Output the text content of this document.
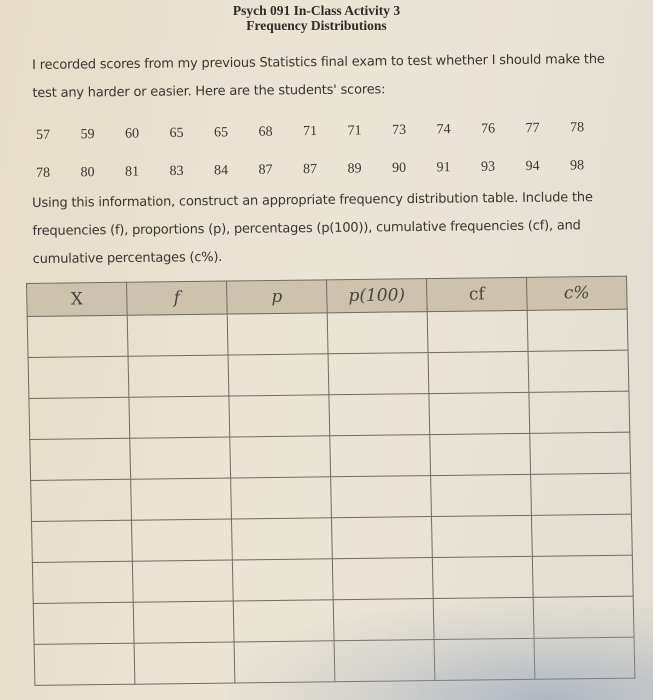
Psych 091 In-Class Activity 3
Frequency Distributions
I recorded scores from my previous Statistics final exam to test whether I should make the test any harder or easier. Here are the students' scores:
57	59	60	65	65	68	71	71	73	74	76	77	78
78	80	81	83	84	87	87	89	90	91	93	94	98
Using this information, construct an appropriate frequency distribution table. Include the frequencies (f), proportions (p), percentages (p(100)), cumulative frequencies (cf), and cumulative percentages (c%).
X	f	p	p(100)	cf	c%
